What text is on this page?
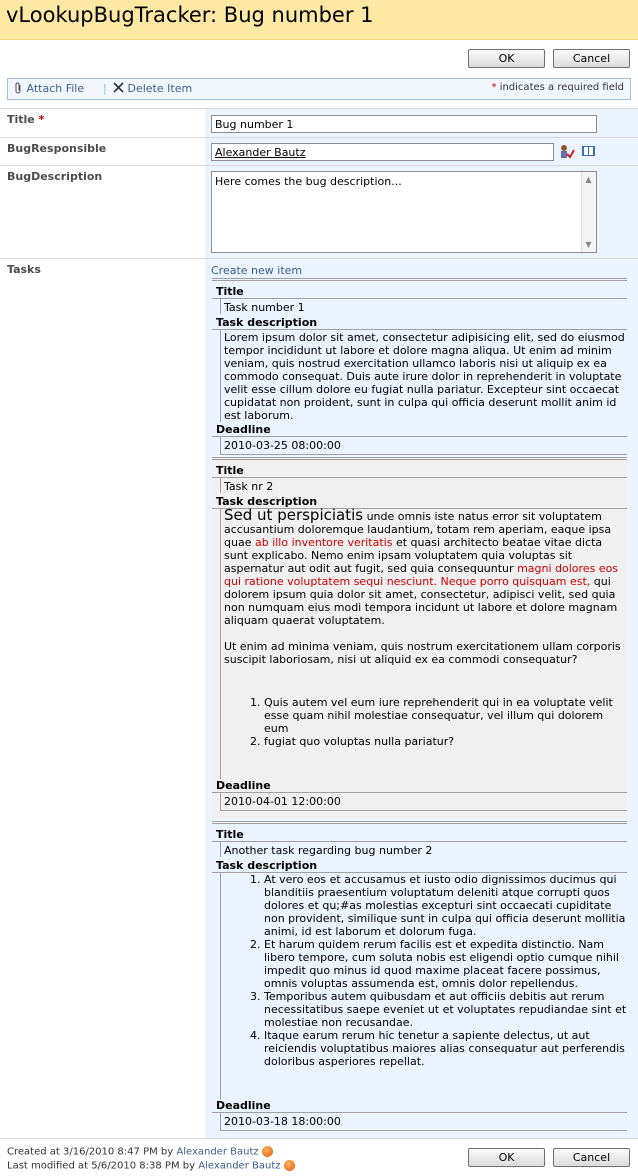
vLookupBugTracker: Bug number 1
OK	Cancel
Attach File |	Delete Item	* indicates a required field
Title *	Bug number 1
BugResponsible	Alexander Bautz
BugDescription	Here comes the bug description...	▲
▼
Tasks	Create new item
Title
Task number 1
Task description
Lorem ipsum dolor sit amet, consectetur adipisicing elit, sed do eiusmod tempor incididunt ut labore et dolore magna aliqua. Ut enim ad minim veniam, quis nostrud exercitation ullamco laboris nisi ut aliquip ex ea commodo consequat. Duis aute irure dolor in reprehenderit in voluptate velit esse cillum dolore eu fugiat nulla pariatur. Excepteur sint occaecat cupidatat non proident, sunt in culpa qui officia deserunt mollit anim id est laborum.
Deadline
2010-03-25 08:00:00
Title
Task nr 2
Task description

Sed ut perspiciatis unde omnis iste natus error sit voluptatem accusantium doloremque laudantium, totam rem aperiam, eaque ipsa quae ab illo inventore veritatis et quasi architecto beatae vitae dicta sunt explicabo. Nemo enim ipsam voluptatem quia voluptas sit aspernatur aut odit aut fugit, sed quia consequuntur magni dolores eos qui ratione voluptatem sequi nesciunt. Neque porro quisquam est, qui dolorem ipsum quia dolor sit amet, consectetur, adipisci velit, sed quia non numquam eius modi tempora incidunt ut labore et dolore magnam aliquam quaerat voluptatem.

Ut enim ad minima veniam, quis nostrum exercitationem ullam corporis suscipit laboriosam, nisi ut aliquid ex ea commodi consequatur?

1. Quis autem vel eum iure reprehenderit qui in ea voluptate velit esse quam nihil molestiae consequatur, vel illum qui dolorem eum
2. fugiat quo voluptas nulla pariatur?
Deadline
2010-04-01 12:00:00
Title
Another task regarding bug number 2
Task description
1. At vero eos et accusamus et iusto odio dignissimos ducimus qui blanditiis praesentium voluptatum deleniti atque corrupti quos dolores et qu;#as molestias excepturi sint occaecati cupiditate non provident, similique sunt in culpa qui officia deserunt mollitia animi, id est laborum et dolorum fuga.
2. Et harum quidem rerum facilis est et expedita distinctio. Nam libero tempore, cum soluta nobis est eligendi optio cumque nihil impedit quo minus id quod maxime placeat facere possimus, omnis voluptas assumenda est, omnis dolor repellendus.
3. Temporibus autem quibusdam et aut officiis debitis aut rerum necessitatibus saepe eveniet ut et voluptates repudiandae sint et molestiae non recusandae.
4. Itaque earum rerum hic tenetur a sapiente delectus, ut aut reiciendis voluptatibus maiores alias consequatur aut perferendis doloribus asperiores repellat.
Deadline
2010-03-18 18:00:00
Created at 3/16/2010 8:47 PM by Alexander Bautz
Last modified at 5/6/2010 8:38 PM by Alexander Bautz
OK	Cancel
